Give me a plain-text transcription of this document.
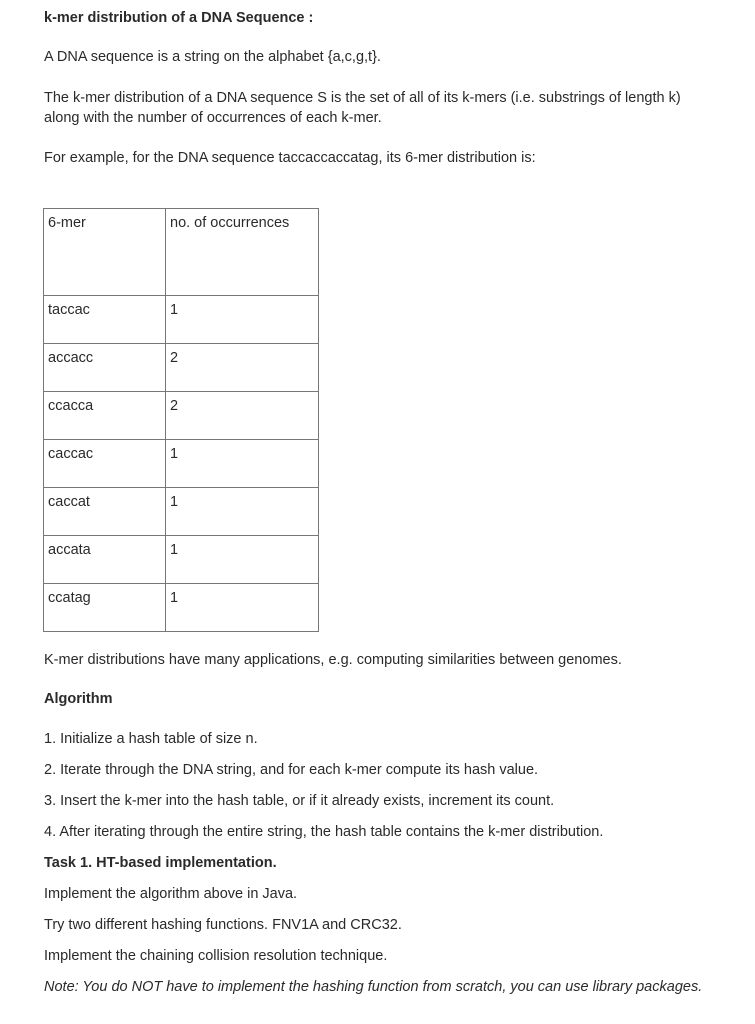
k-mer distribution of a DNA Sequence :
A DNA sequence is a string on the alphabet {a,c,g,t}.
The k-mer distribution of a DNA sequence S is the set of all of its k-mers (i.e. substrings of length k) along with the number of occurrences of each k-mer.
For example, for the DNA sequence taccaccaccatag, its 6-mer distribution is:
6-mer	no. of occurrences
taccac	1
accacc	2
ccacca	2
caccac	1
caccat	1
accata	1
ccatag	1
K-mer distributions have many applications, e.g. computing similarities between genomes.
Algorithm
1. Initialize a hash table of size n.
2. Iterate through the DNA string, and for each k-mer compute its hash value.
3. Insert the k-mer into the hash table, or if it already exists, increment its count.
4. After iterating through the entire string, the hash table contains the k-mer distribution.
Task 1. HT-based implementation.
Implement the algorithm above in Java.
Try two different hashing functions. FNV1A and CRC32.
Implement the chaining collision resolution technique.
Note: You do NOT have to implement the hashing function from scratch, you can use library packages.
